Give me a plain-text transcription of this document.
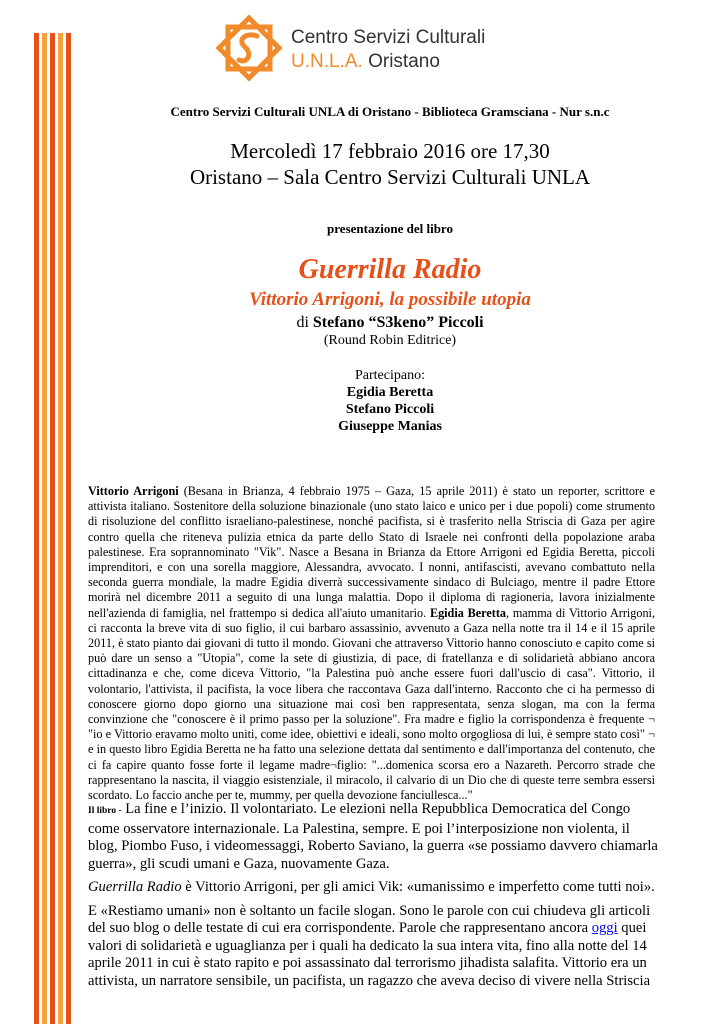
Centro Servizi Culturali
U.N.L.A. Oristano
Centro Servizi Culturali UNLA di Oristano - Biblioteca Gramsciana - Nur s.n.c
Mercoledì 17 febbraio 2016 ore 17,30
Oristano – Sala Centro Servizi Culturali UNLA
presentazione del libro
Guerrilla Radio
Vittorio Arrigoni, la possibile utopia
di Stefano “S3keno” Piccoli
(Round Robin Editrice)
Partecipano:
Egidia Beretta
Stefano Piccoli
Giuseppe Manias

Vittorio Arrigoni (Besana in Brianza, 4 febbraio 1975 – Gaza, 15 aprile 2011) è stato un reporter, scrittore e attivista italiano. Sostenitore della soluzione binazionale (uno stato laico e unico per i due popoli) come strumento di risoluzione del conflitto israeliano-palestinese, nonché pacifista, si è trasferito nella Striscia di Gaza per agire contro quella che riteneva pulizia etnica da parte dello Stato di Israele nei confronti della popolazione araba palestinese. Era soprannominato "Vik". Nasce a Besana in Brianza da Ettore Arrigoni ed Egidia Beretta, piccoli imprenditori, e con una sorella maggiore, Alessandra, avvocato. I nonni, antifascisti, avevano combattuto nella seconda guerra mondiale, la madre Egidia diverrà successivamente sindaco di Bulciago, mentre il padre Ettore morirà nel dicembre 2011 a seguito di una lunga malattia. Dopo il diploma di ragioneria, lavora inizialmente nell'azienda di famiglia, nel frattempo si dedica all'aiuto umanitario. Egidia Beretta, mamma di Vittorio Arrigoni, ci racconta la breve vita di suo figlio, il cui barbaro assassinio, avvenuto a Gaza nella notte tra il 14 e il 15 aprile 2011, è stato pianto dai giovani di tutto il mondo. Giovani che attraverso Vittorio hanno conosciuto e capito come si può dare un senso a "Utopia", come la sete di giustizia, di pace, di fratellanza e di solidarietà abbiano ancora cittadinanza e che, come diceva Vittorio, "la Palestina può anche essere fuori dall'uscio di casa". Vittorio, il volontario, l'attivista, il pacifista, la voce libera che raccontava Gaza dall'interno. Racconto che ci ha permesso di conoscere giorno dopo giorno una situazione mai così ben rappresentata, senza slogan, ma con la ferma convinzione che "conoscere è il primo passo per la soluzione". Fra madre e figlio la corrispondenza è frequente ¬ "io e Vittorio eravamo molto uniti, come idee, obiettivi e ideali, sono molto orgogliosa di lui, è sempre stato così" ¬ e in questo libro Egidia Beretta ne ha fatto una selezione dettata dal sentimento e dall'importanza del contenuto, che ci fa capire quanto fosse forte il legame madre¬figlio: "...domenica scorsa ero a Nazareth. Percorro strade che rappresentano la nascita, il viaggio esistenziale, il miracolo, il calvario di un Dio che di queste terre sembra essersi scordato. Lo faccio anche per te, mummy, per quella devozione fanciullesca..."

Il libro - La fine e l’inizio. Il volontariato. Le elezioni nella Repubblica Democratica del Congo come osservatore internazionale. La Palestina, sempre. E poi l’interposizione non violenta, il blog, Piombo Fuso, i videomessaggi, Roberto Saviano, la guerra «se possiamo davvero chiamarla guerra», gli scudi umani e Gaza, nuovamente Gaza.

Guerrilla Radio è Vittorio Arrigoni, per gli amici Vik: «umanissimo e imperfetto come tutti noi».

E «Restiamo umani» non è soltanto un facile slogan. Sono le parole con cui chiudeva gli articoli del suo blog o delle testate di cui era corrispondente. Parole che rappresentano ancora oggi quei valori di solidarietà e uguaglianza per i quali ha dedicato la sua intera vita, fino alla notte del 14 aprile 2011 in cui è stato rapito e poi assassinato dal terrorismo jihadista salafita. Vittorio era un attivista, un narratore sensibile, un pacifista, un ragazzo che aveva deciso di vivere nella Striscia
